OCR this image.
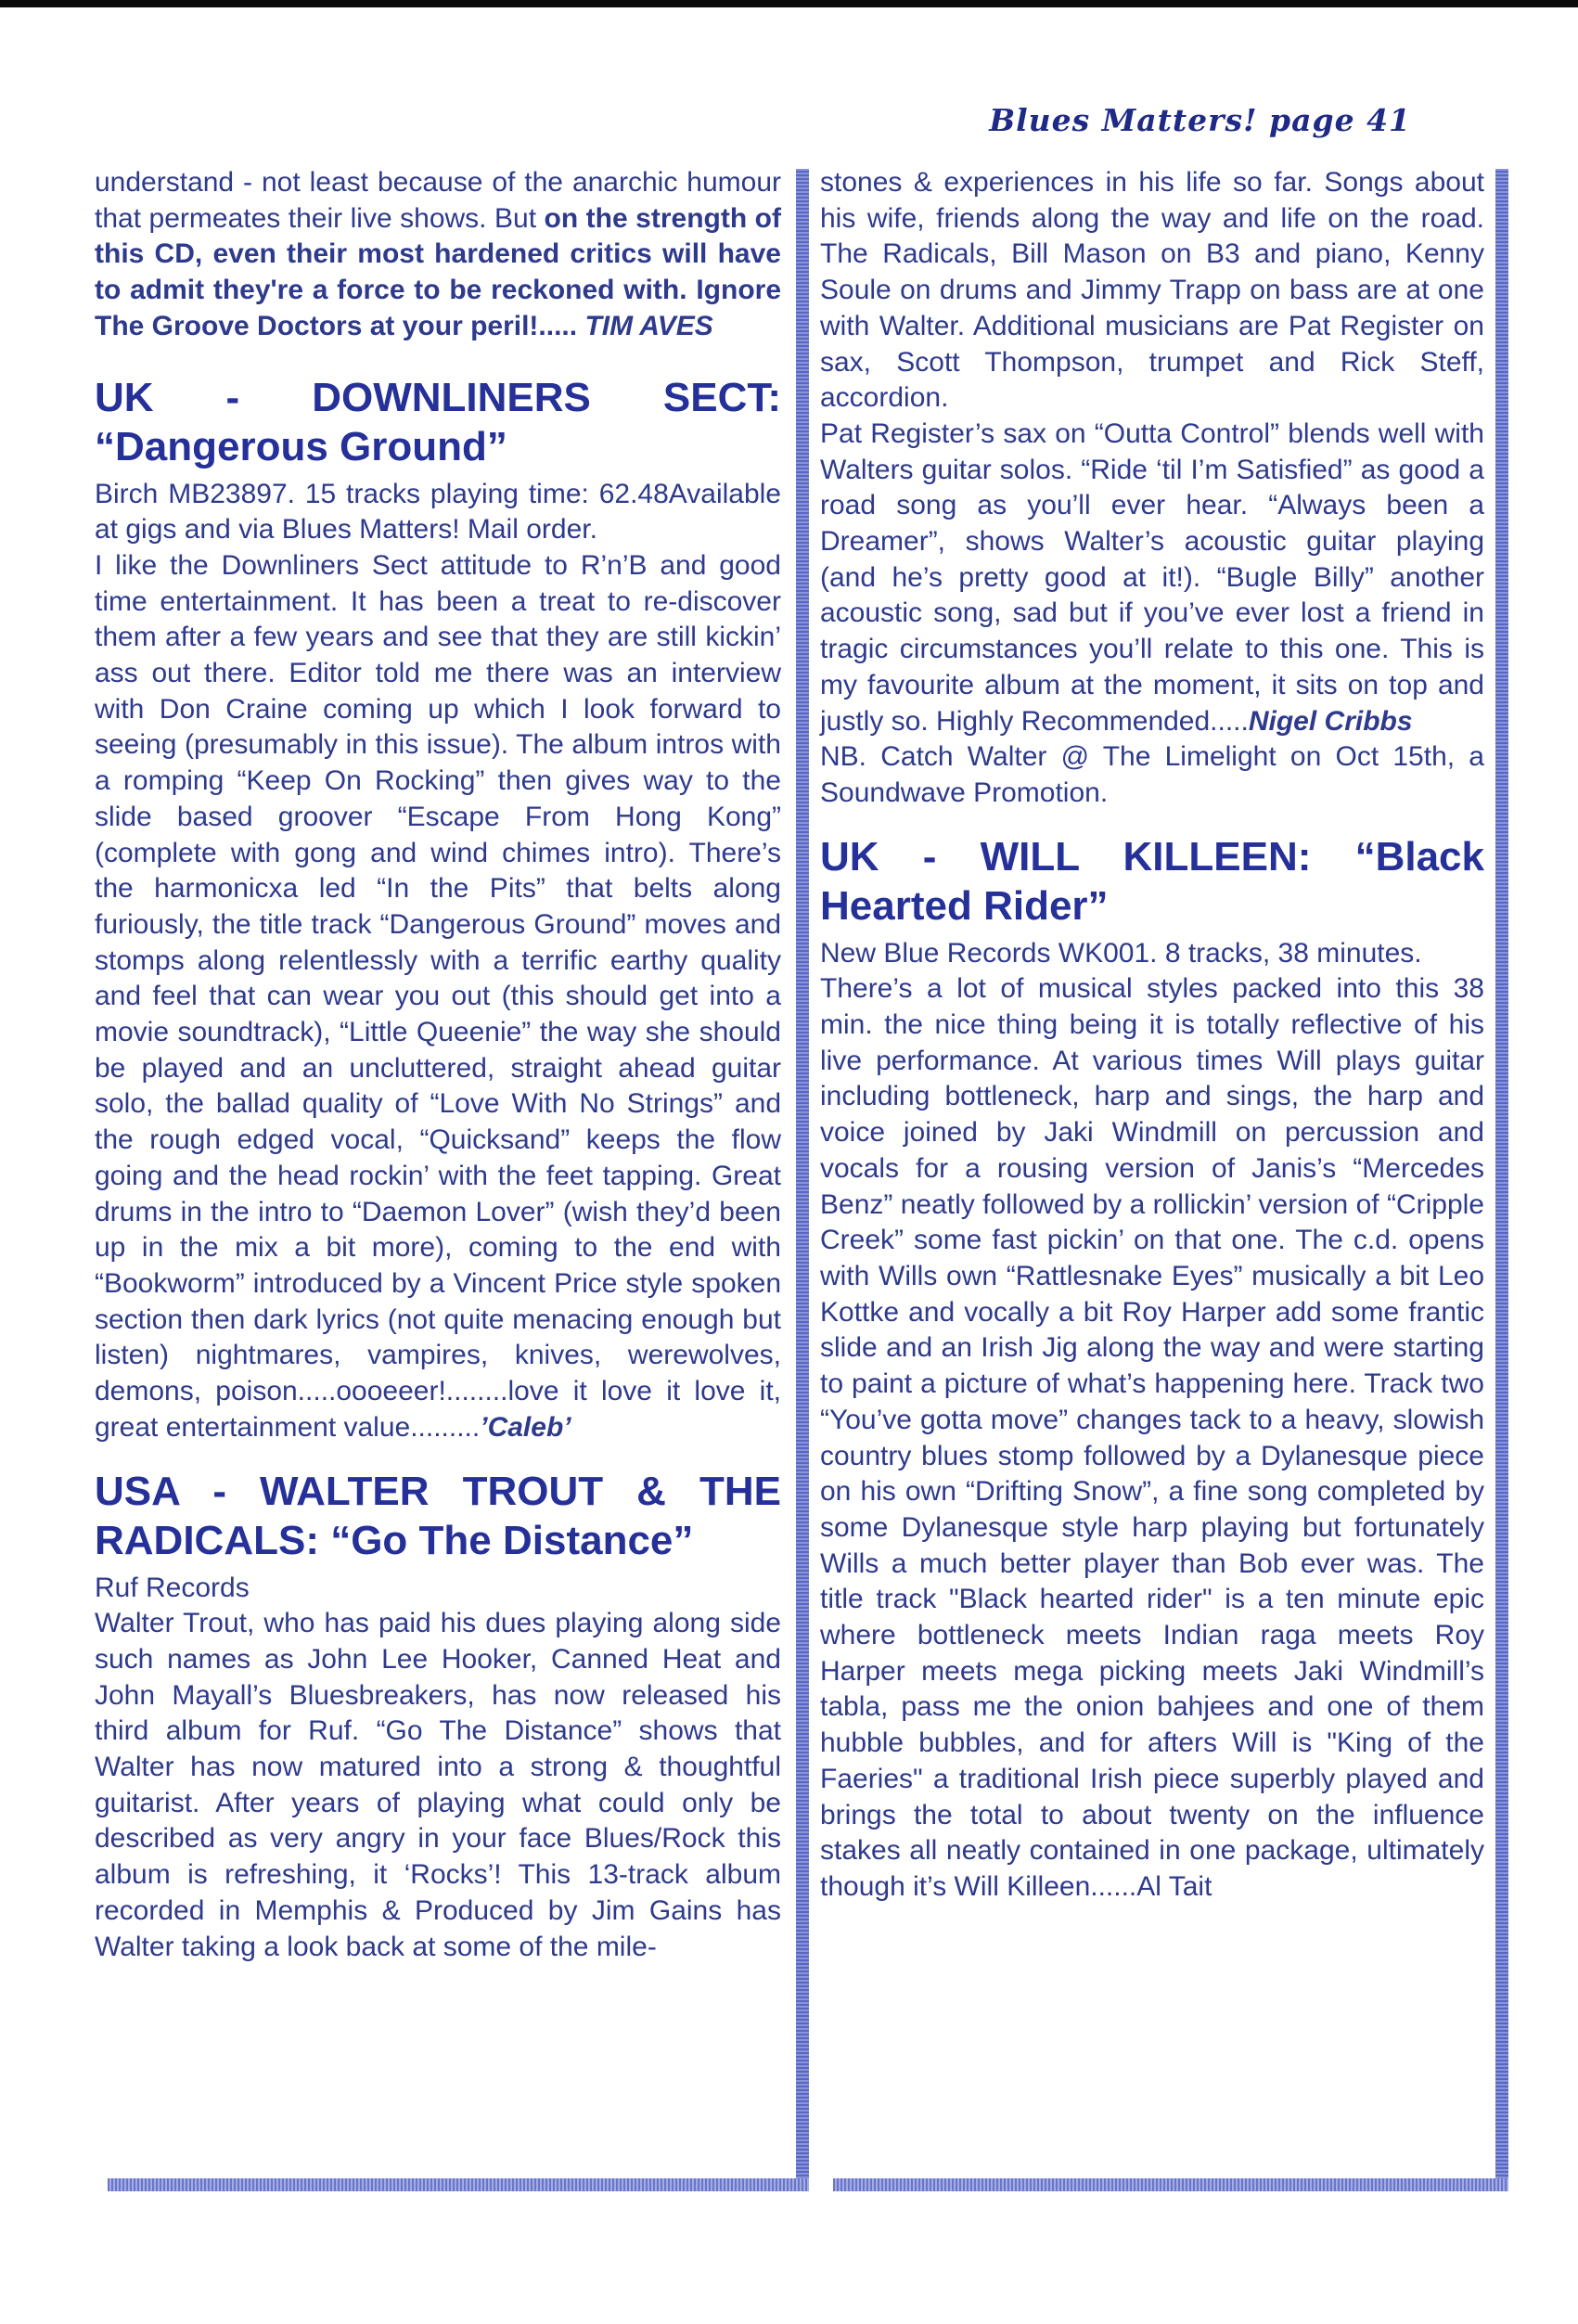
Blues Matters! page 41

understand - not least because of the anarchic humour that permeates their live shows. But on the strength of this CD, even their most hardened critics will have to admit they're a force to be reckoned with. Ignore The Groove Doctors at your peril!..... TIM AVES

UK - DOWNLINERS SECT: “Dangerous Ground”

Birch MB23897. 15 tracks playing time: 62.48Available at gigs and via Blues Matters! Mail order.

I like the Downliners Sect attitude to R’n’B and good time entertainment. It has been a treat to re-discover them after a few years and see that they are still kickin’ ass out there. Editor told me there was an interview with Don Craine coming up which I look forward to seeing (presumably in this issue). The album intros with a romping “Keep On Rocking” then gives way to the slide based groover “Escape From Hong Kong” (complete with gong and wind chimes intro). There’s the harmonicxa led “In the Pits” that belts along furiously, the title track “Dangerous Ground” moves and stomps along relentlessly with a terrific earthy quality and feel that can wear you out (this should get into a movie soundtrack), “Little Queenie” the way she should be played and an uncluttered, straight ahead guitar solo, the ballad quality of “Love With No Strings” and the rough edged vocal, “Quicksand” keeps the flow going and the head rockin’ with the feet tapping. Great drums in the intro to “Daemon Lover” (wish they’d been up in the mix a bit more), coming to the end with “Bookworm” introduced by a Vincent Price style spoken section then dark lyrics (not quite menacing enough but listen) nightmares, vampires, knives, werewolves, demons, poison.....oooeeer!........love it love it love it, great entertainment value.........’Caleb’

USA - WALTER TROUT & THE RADICALS: “Go The Distance”

Ruf Records

Walter Trout, who has paid his dues playing along side such names as John Lee Hooker, Canned Heat and John Mayall’s Bluesbreakers, has now released his third album for Ruf. “Go The Distance” shows that Walter has now matured into a strong & thoughtful guitarist. After years of playing what could only be described as very angry in your face Blues/Rock this album is refreshing, it ‘Rocks’! This 13-track album recorded in Memphis & Produced by Jim Gains has Walter taking a look back at some of the mile-

stones & experiences in his life so far. Songs about his wife, friends along the way and life on the road. The Radicals, Bill Mason on B3 and piano, Kenny Soule on drums and Jimmy Trapp on bass are at one with Walter. Additional musicians are Pat Register on sax, Scott Thompson, trumpet and Rick Steff, accordion.

Pat Register’s sax on “Outta Control” blends well with Walters guitar solos. “Ride ‘til I’m Satisfied” as good a road song as you’ll ever hear. “Always been a Dreamer”, shows Walter’s acoustic guitar playing (and he’s pretty good at it!). “Bugle Billy” another acoustic song, sad but if you’ve ever lost a friend in tragic circumstances you’ll relate to this one. This is my favourite album at the moment, it sits on top and justly so. Highly Recommended.....Nigel Cribbs

NB. Catch Walter @ The Limelight on Oct 15th, a Soundwave Promotion.

UK - WILL KILLEEN: “Black Hearted Rider”

New Blue Records WK001. 8 tracks, 38 minutes.

There’s a lot of musical styles packed into this 38 min. the nice thing being it is totally reflective of his live performance. At various times Will plays guitar including bottleneck, harp and sings, the harp and voice joined by Jaki Windmill on percussion and vocals for a rousing version of Janis’s “Mercedes Benz” neatly followed by a rollickin’ version of “Cripple Creek” some fast pickin’ on that one. The c.d. opens with Wills own “Rattlesnake Eyes” musically a bit Leo Kottke and vocally a bit Roy Harper add some frantic slide and an Irish Jig along the way and were starting to paint a picture of what’s happening here. Track two “You’ve gotta move” changes tack to a heavy, slowish country blues stomp followed by a Dylanesque piece on his own “Drifting Snow”, a fine song completed by some Dylanesque style harp playing but fortunately Wills a much better player than Bob ever was. The title track "Black hearted rider" is a ten minute epic where bottleneck meets Indian raga meets Roy Harper meets mega picking meets Jaki Windmill’s tabla, pass me the onion bahjees and one of them hubble bubbles, and for afters Will is "King of the Faeries" a traditional Irish piece superbly played and brings the total to about twenty on the influence stakes all neatly contained in one package, ultimately though it’s Will Killeen......Al Tait
